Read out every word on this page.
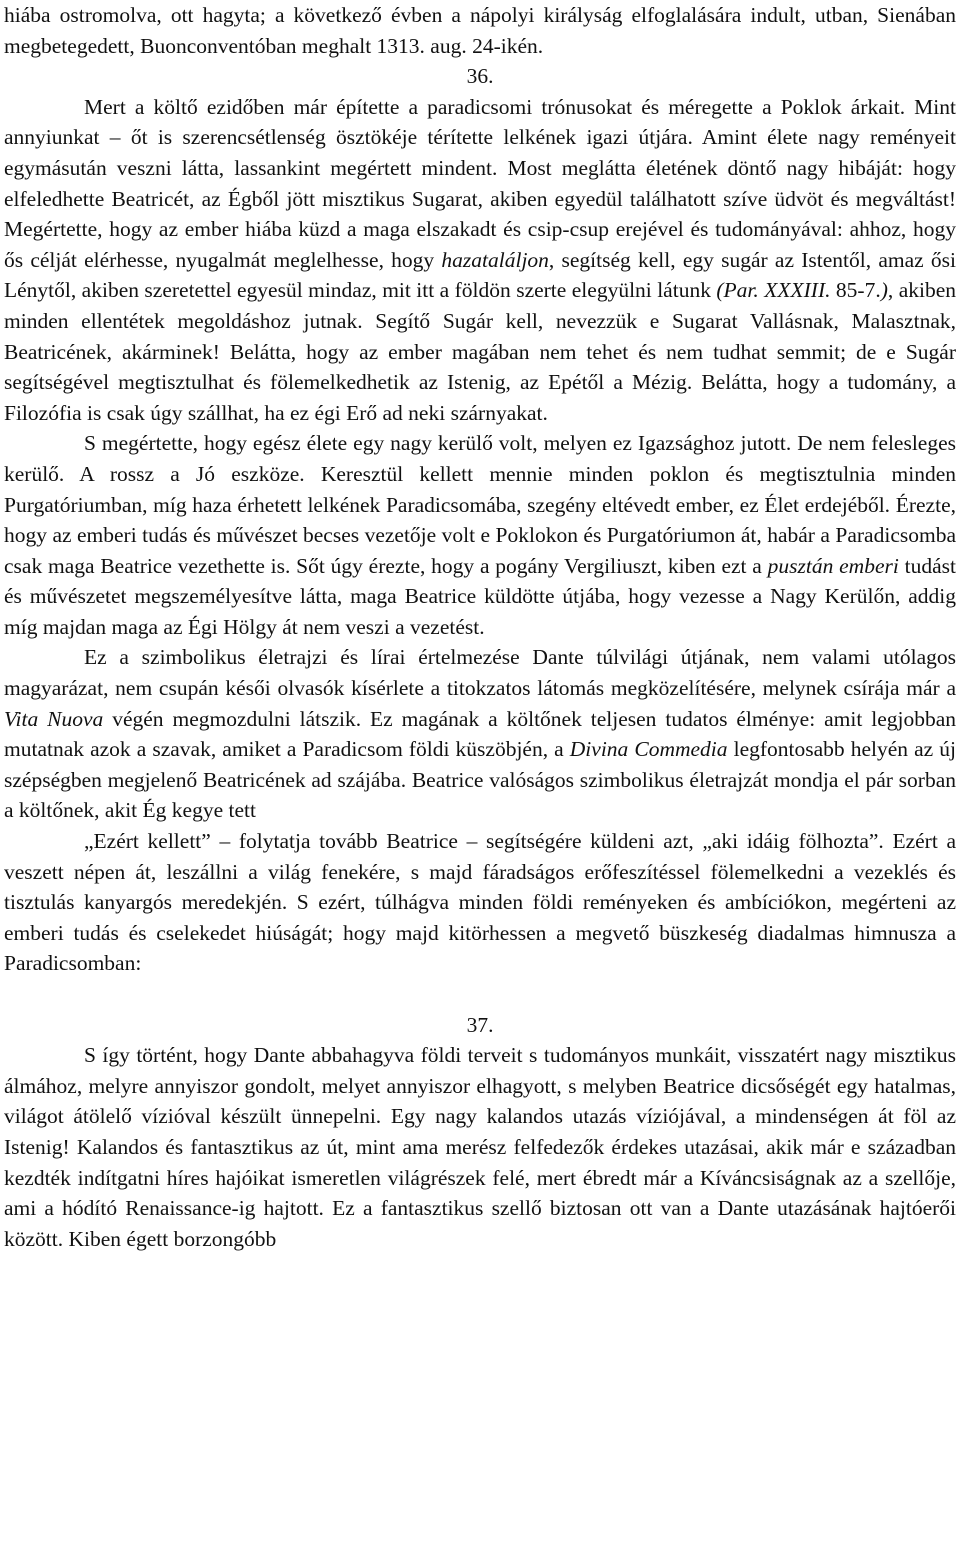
hiába ostromolva, ott hagyta; a következő évben a nápolyi királyság elfoglalására indult, utban, Sienában megbetegedett, Buonconventóban meghalt 1313. aug. 24-ikén.

36.

Mert a költő ezidőben már építette a paradicsomi trónusokat és méregette a Poklok árkait. Mint annyiunkat – őt is szerencsétlenség ösztökéje térítette lelkének igazi útjára. Amint élete nagy reményeit egymásután veszni látta, lassankint megértett mindent. Most meglátta életének döntő nagy hibáját: hogy elfeledhette Beatricét, az Égből jött misztikus Sugarat, akiben egyedül találhatott szíve üdvöt és megváltást! Megértette, hogy az ember hiába küzd a maga elszakadt és csip-csup erejével és tudományával: ahhoz, hogy ős célját elérhesse, nyugalmát meglelhesse, hogy hazataláljon, segítség kell, egy sugár az Istentől, amaz ősi Lénytől, akiben szeretettel egyesül mindaz, mit itt a földön szerte elegyülni látunk (Par. XXXIII. 85-7.), akiben minden ellentétek megoldáshoz jutnak. Segítő Sugár kell, nevezzük e Sugarat Vallásnak, Malasztnak, Beatricének, akárminek! Belátta, hogy az ember magában nem tehet és nem tudhat semmit; de e Sugár segítségével megtisztulhat és fölemelkedhetik az Istenig, az Epétől a Mézig. Belátta, hogy a tudomány, a Filozófia is csak úgy szállhat, ha ez égi Erő ad neki szárnyakat.

S megértette, hogy egész élete egy nagy kerülő volt, melyen ez Igazsághoz jutott. De nem felesleges kerülő. A rossz a Jó eszköze. Keresztül kellett mennie minden poklon és megtisztulnia minden Purgatóriumban, míg haza érhetett lelkének Paradicsomába, szegény eltévedt ember, ez Élet erdejéből. Érezte, hogy az emberi tudás és művészet becses vezetője volt e Poklokon és Purgatóriumon át, habár a Paradicsomba csak maga Beatrice vezethette is. Sőt úgy érezte, hogy a pogány Vergiliuszt, kiben ezt a pusztán emberi tudást és művészetet megszemélyesítve látta, maga Beatrice küldötte útjába, hogy vezesse a Nagy Kerülőn, addig míg majdan maga az Égi Hölgy át nem veszi a vezetést.

Ez a szimbolikus életrajzi és lírai értelmezése Dante túlvilági útjának, nem valami utólagos magyarázat, nem csupán késői olvasók kísérlete a titokzatos látomás megközelítésére, melynek csírája már a Vita Nuova végén megmozdulni látszik. Ez magának a költőnek teljesen tudatos élménye: amit legjobban mutatnak azok a szavak, amiket a Paradicsom földi küszöbjén, a Divina Commedia legfontosabb helyén az új szépségben megjelenő Beatricének ad szájába. Beatrice valóságos szimbolikus életrajzát mondja el pár sorban a költőnek, akit Ég kegye tett

„Ezért kellett” – folytatja tovább Beatrice – segítségére küldeni azt, „aki idáig fölhozta”. Ezért a veszett népen át, leszállni a világ fenekére, s majd fáradságos erőfeszítéssel fölemelkedni a vezeklés és tisztulás kanyargós meredekjén. S ezért, túlhágva minden földi reményeken és ambíciókon, megérteni az emberi tudás és cselekedet hiúságát; hogy majd kitörhessen a megvető büszkeség diadalmas himnusza a Paradicsomban:

37.

S így történt, hogy Dante abbahagyva földi terveit s tudományos munkáit, visszatért nagy misztikus álmához, melyre annyiszor gondolt, melyet annyiszor elhagyott, s melyben Beatrice dicsőségét egy hatalmas, világot átölelő vízióval készült ünnepelni. Egy nagy kalandos utazás víziójával, a mindenségen át föl az Istenig! Kalandos és fantasztikus az út, mint ama merész felfedezők érdekes utazásai, akik már e században kezdték indítgatni híres hajóikat ismeretlen világrészek felé, mert ébredt már a Kíváncsiságnak az a szellője, ami a hódító Renaissance-ig hajtott. Ez a fantasztikus szellő biztosan ott van a Dante utazásának hajtóerői között. Kiben égett borzongóbb
